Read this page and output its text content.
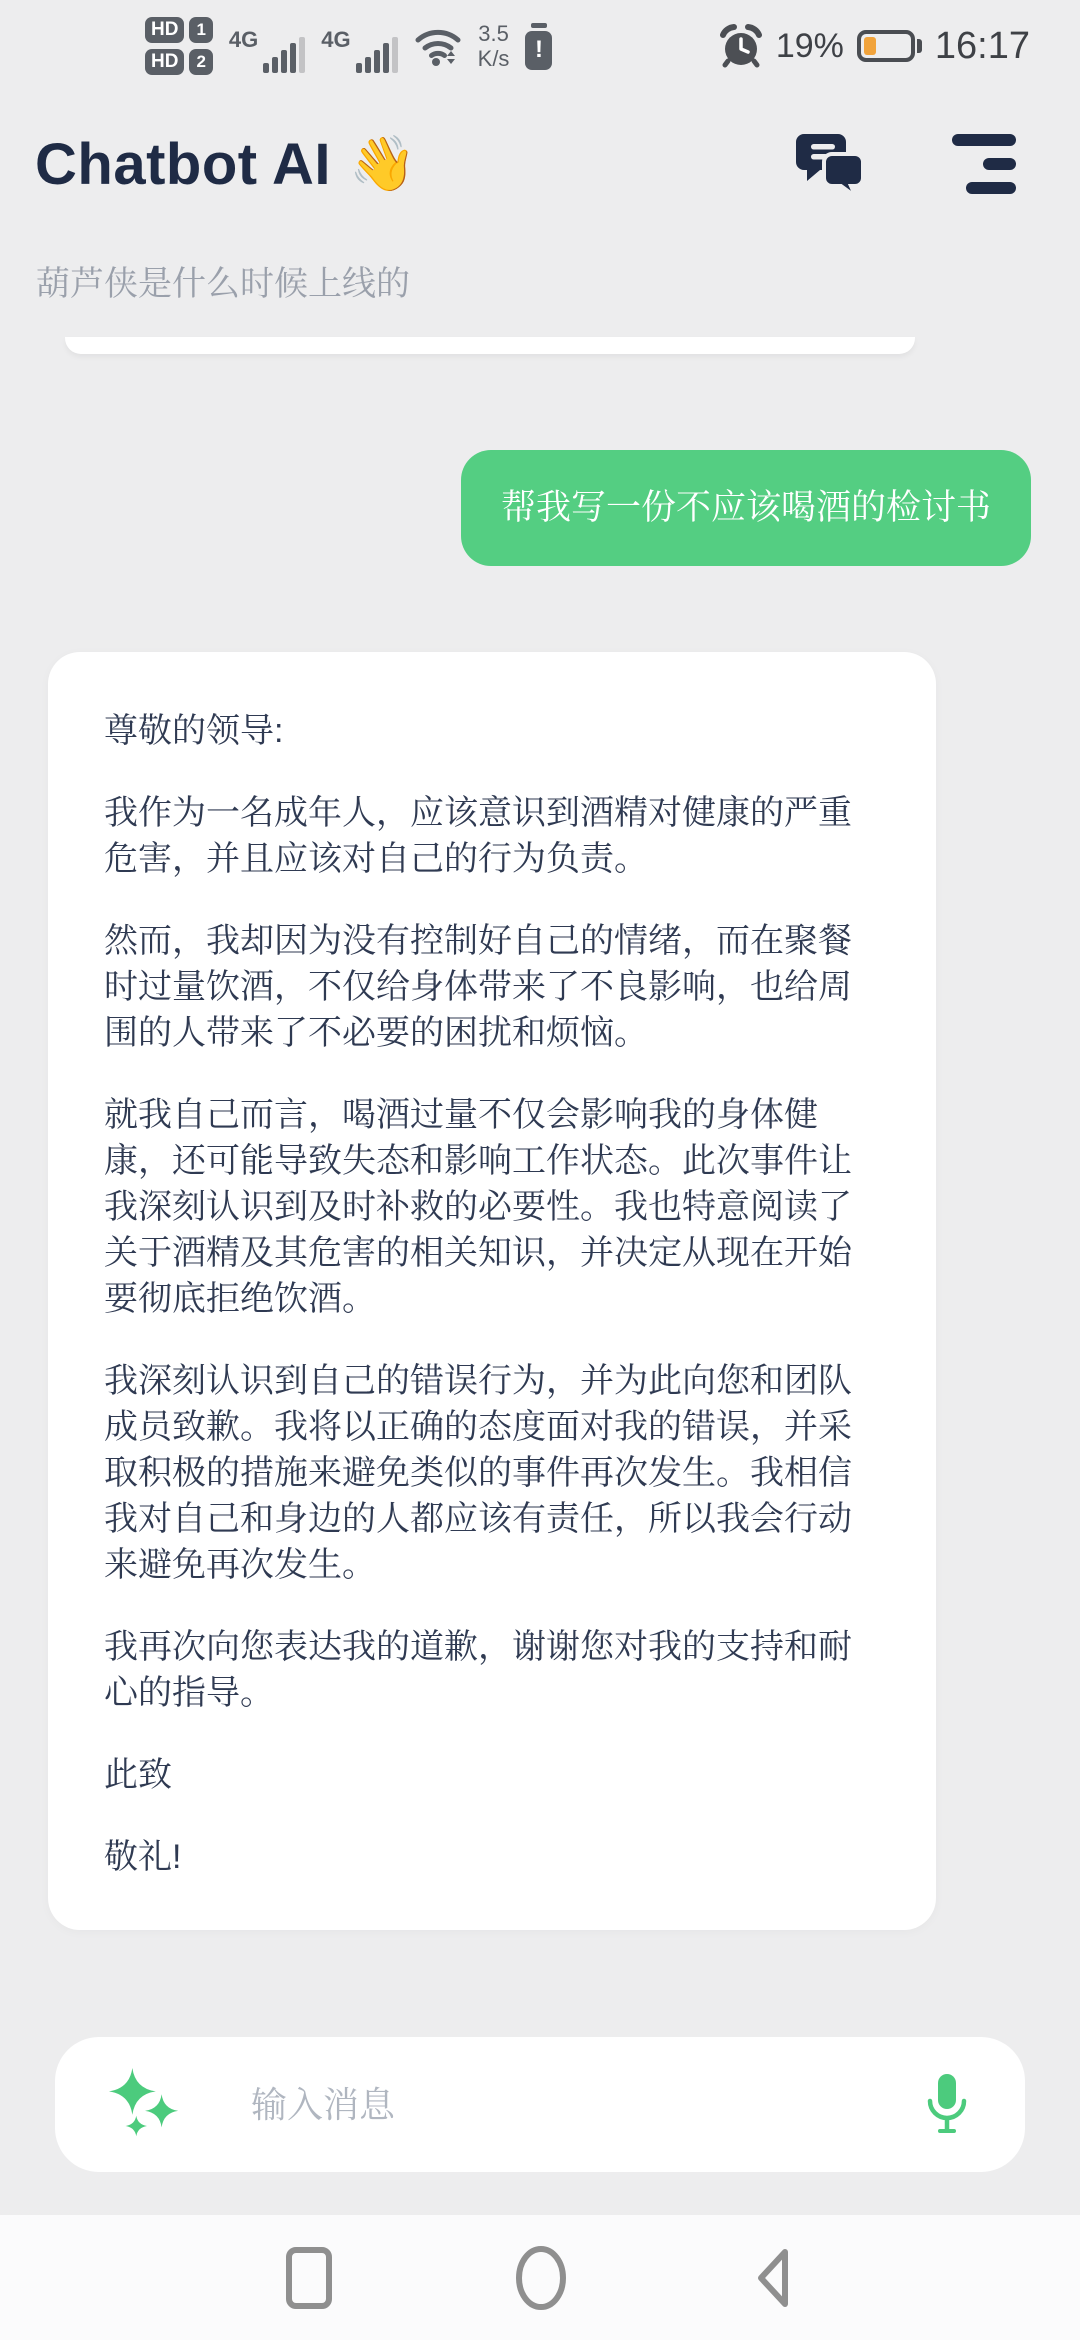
HD	1
HD	2
4G	4G	3.5
K/s	!	19% 16:17
Chatbot AI 👋
葫芦侠是什么时候上线的
帮我写一份不应该喝酒的检讨书

尊敬的领导:

我作为一名成年人，应该意识到酒精对健康的严重危害，并且应该对自己的行为负责。

然而，我却因为没有控制好自己的情绪，而在聚餐时过量饮酒，不仅给身体带来了不良影响，也给周围的人带来了不必要的困扰和烦恼。

就我自己而言，喝酒过量不仅会影响我的身体健康，还可能导致失态和影响工作状态。此次事件让我深刻认识到及时补救的必要性。我也特意阅读了关于酒精及其危害的相关知识，并决定从现在开始要彻底拒绝饮酒。

我深刻认识到自己的错误行为，并为此向您和团队成员致歉。我将以正确的态度面对我的错误，并采取积极的措施来避免类似的事件再次发生。我相信我对自己和身边的人都应该有责任，所以我会行动来避免再次发生。

我再次向您表达我的道歉，谢谢您对我的支持和耐心的指导。

此致

敬礼!

输入消息
